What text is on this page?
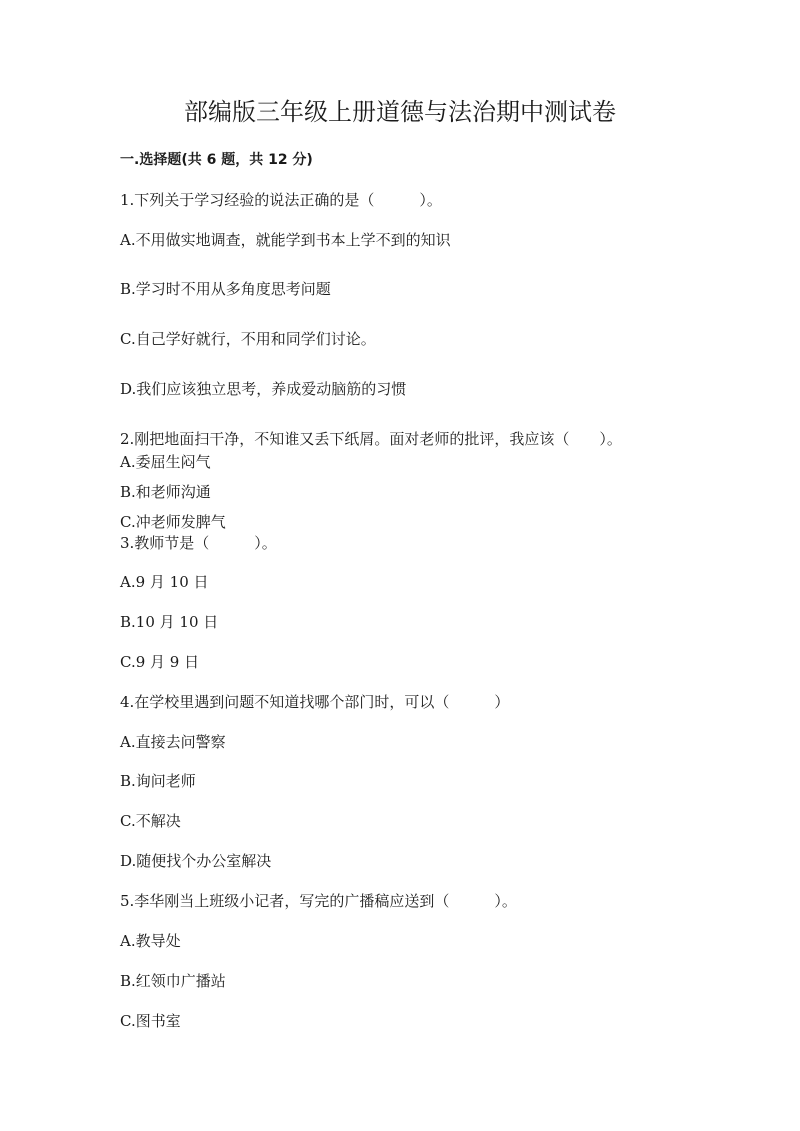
部编版三年级上册道德与法治期中测试卷
一.选择题(共 6 题，共 12 分)
1.下列关于学习经验的说法正确的是（　　　）。
A.不用做实地调查，就能学到书本上学不到的知识
B.学习时不用从多角度思考问题
C.自己学好就行，不用和同学们讨论。
D.我们应该独立思考，养成爱动脑筋的习惯
2.刚把地面扫干净，不知谁又丢下纸屑。面对老师的批评，我应该（　　）。
A.委屈生闷气
B.和老师沟通
C.冲老师发脾气
3.教师节是（　　　）。
A.9 月 10 日
B.10 月 10 日
C.9 月 9 日
4.在学校里遇到问题不知道找哪个部门时，可以（　　　）
A.直接去问警察
B.询问老师
C.不解决
D.随便找个办公室解决
5.李华刚当上班级小记者，写完的广播稿应送到（　　　）。
A.教导处
B.红领巾广播站
C.图书室
